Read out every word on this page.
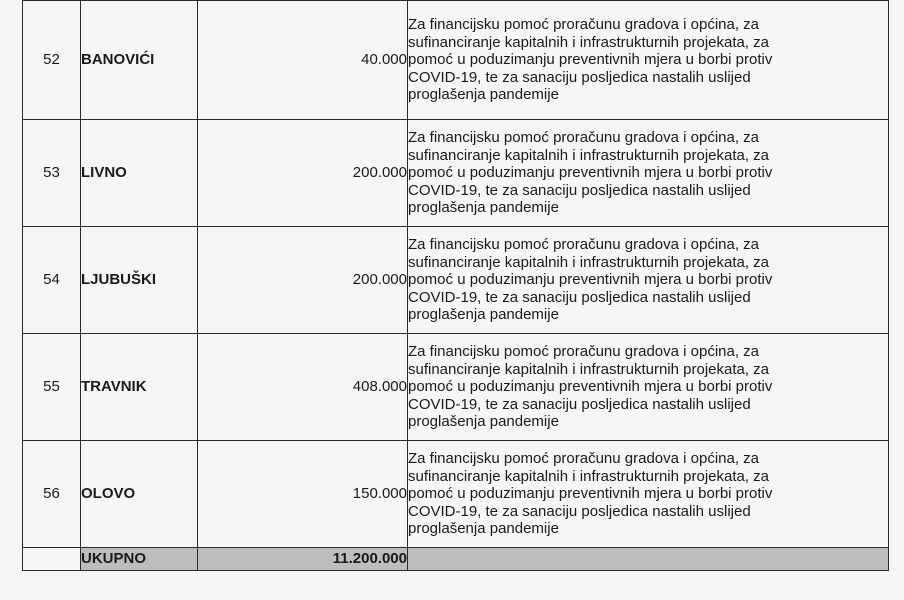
52	BANOVIĆI	40.000	Za financijsku pomoć proračunu gradova i općina, za
sufinanciranje kapitalnih i infrastrukturnih projekata, za
pomoć u poduzimanju preventivnih mjera u borbi protiv
COVID-19, te za sanaciju posljedica nastalih uslijed
proglašenja pandemije

53	LIVNO	200.000	Za financijsku pomoć proračunu gradova i općina, za
sufinanciranje kapitalnih i infrastrukturnih projekata, za
pomoć u poduzimanju preventivnih mjera u borbi protiv
COVID-19, te za sanaciju posljedica nastalih uslijed
proglašenja pandemije

54	LJUBUŠKI	200.000	Za financijsku pomoć proračunu gradova i općina, za
sufinanciranje kapitalnih i infrastrukturnih projekata, za
pomoć u poduzimanju preventivnih mjera u borbi protiv
COVID-19, te za sanaciju posljedica nastalih uslijed
proglašenja pandemije

55	TRAVNIK	408.000	Za financijsku pomoć proračunu gradova i općina, za
sufinanciranje kapitalnih i infrastrukturnih projekata, za
pomoć u poduzimanju preventivnih mjera u borbi protiv
COVID-19, te za sanaciju posljedica nastalih uslijed
proglašenja pandemije

56	OLOVO	150.000	Za financijsku pomoć proračunu gradova i općina, za
sufinanciranje kapitalnih i infrastrukturnih projekata, za
pomoć u poduzimanju preventivnih mjera u borbi protiv
COVID-19, te za sanaciju posljedica nastalih uslijed
proglašenja pandemije

	UKUPNO	11.200.000	
